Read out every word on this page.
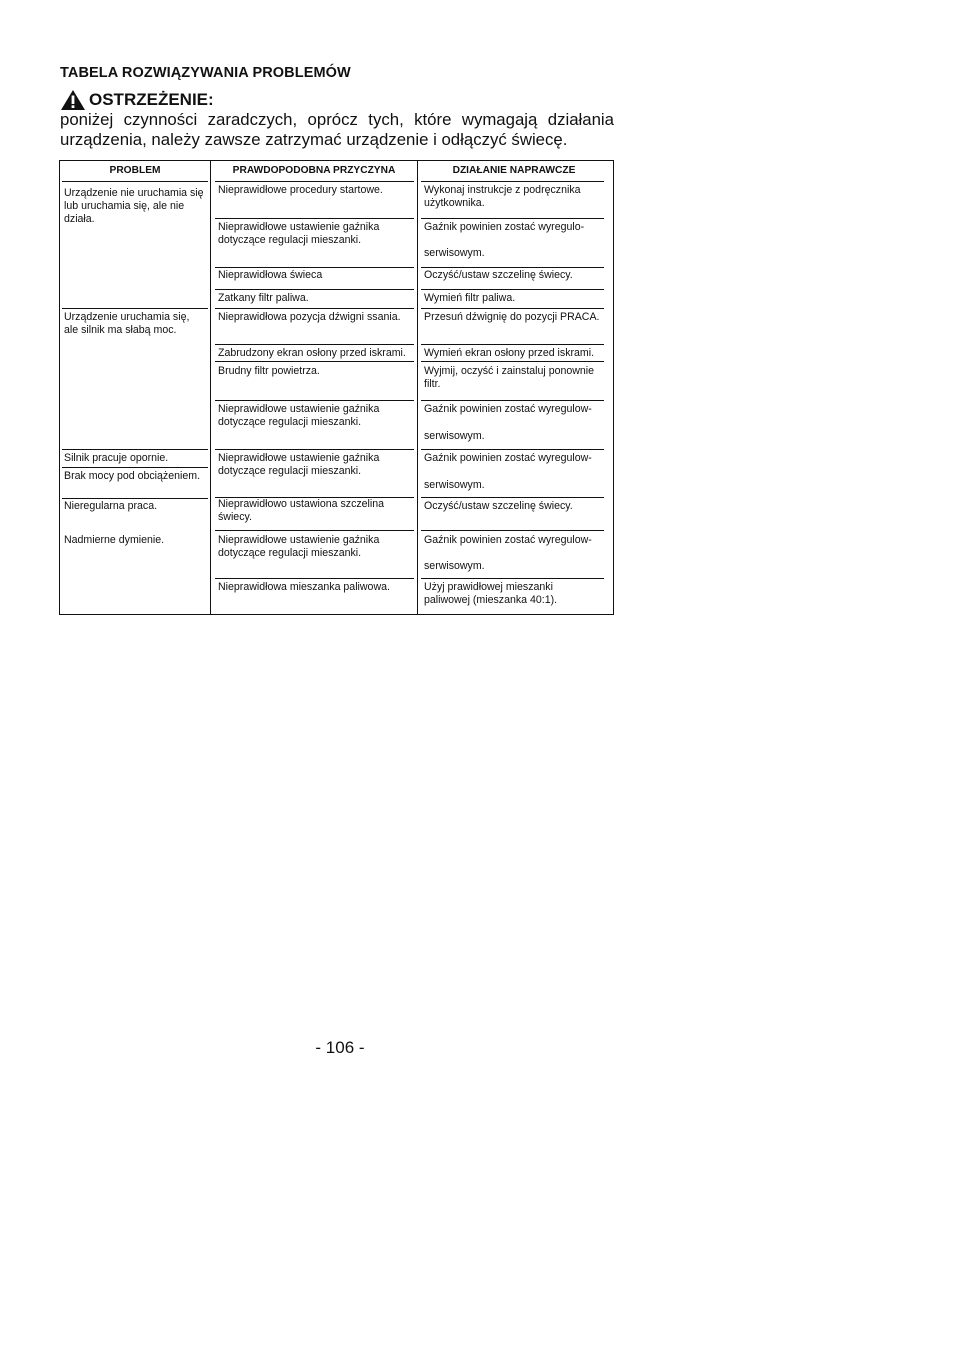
TABELA ROZWIĄZYWANIA PROBLEMÓW
OSTRZEŻENIE:
poniżej czynności zaradczych, oprócz tych, które wymagają działania urządzenia, należy zawsze zatrzymać urządzenie i odłączyć świecę.
PROBLEM	PRAWDOPODOBNA PRZYCZYNA	DZIAŁANIE NAPRAWCZE
Urządzenie nie uruchamia się lub uruchamia się, ale nie działa.
Urządzenie uruchamia się, ale silnik ma słabą moc.
Silnik pracuje opornie.
Brak mocy pod obciążeniem.
Nieregularna praca.
Nadmierne dymienie.
Nieprawidłowe procedury startowe.
Nieprawidłowe ustawienie gaźnika dotyczące regulacji mieszanki.
Nieprawidłowa świeca
Zatkany filtr paliwa.
Nieprawidłowa pozycja dźwigni ssania.
Zabrudzony ekran osłony przed iskrami.
Brudny filtr powietrza.
Nieprawidłowe ustawienie gaźnika dotyczące regulacji mieszanki.
Nieprawidłowe ustawienie gaźnika dotyczące regulacji mieszanki.
Nieprawidłowo ustawiona szczelina świecy.
Nieprawidłowe ustawienie gaźnika dotyczące regulacji mieszanki.
Nieprawidłowa mieszanka paliwowa.
Wykonaj instrukcje z podręcznika użytkownika.
Gaźnik powinien zostać wyregulo-
serwisowym.
Oczyść/ustaw szczelinę świecy.
Wymień filtr paliwa.
Przesuń dźwignię do pozycji PRACA.
Wymień ekran osłony przed iskrami.
Wyjmij, oczyść i zainstaluj ponownie filtr.
Gaźnik powinien zostać wyregulow-
serwisowym.
Gaźnik powinien zostać wyregulow-
serwisowym.
Oczyść/ustaw szczelinę świecy.
Gaźnik powinien zostać wyregulow-
serwisowym.
Użyj prawidłowej mieszanki paliwowej (mieszanka 40:1).
- 106 -
